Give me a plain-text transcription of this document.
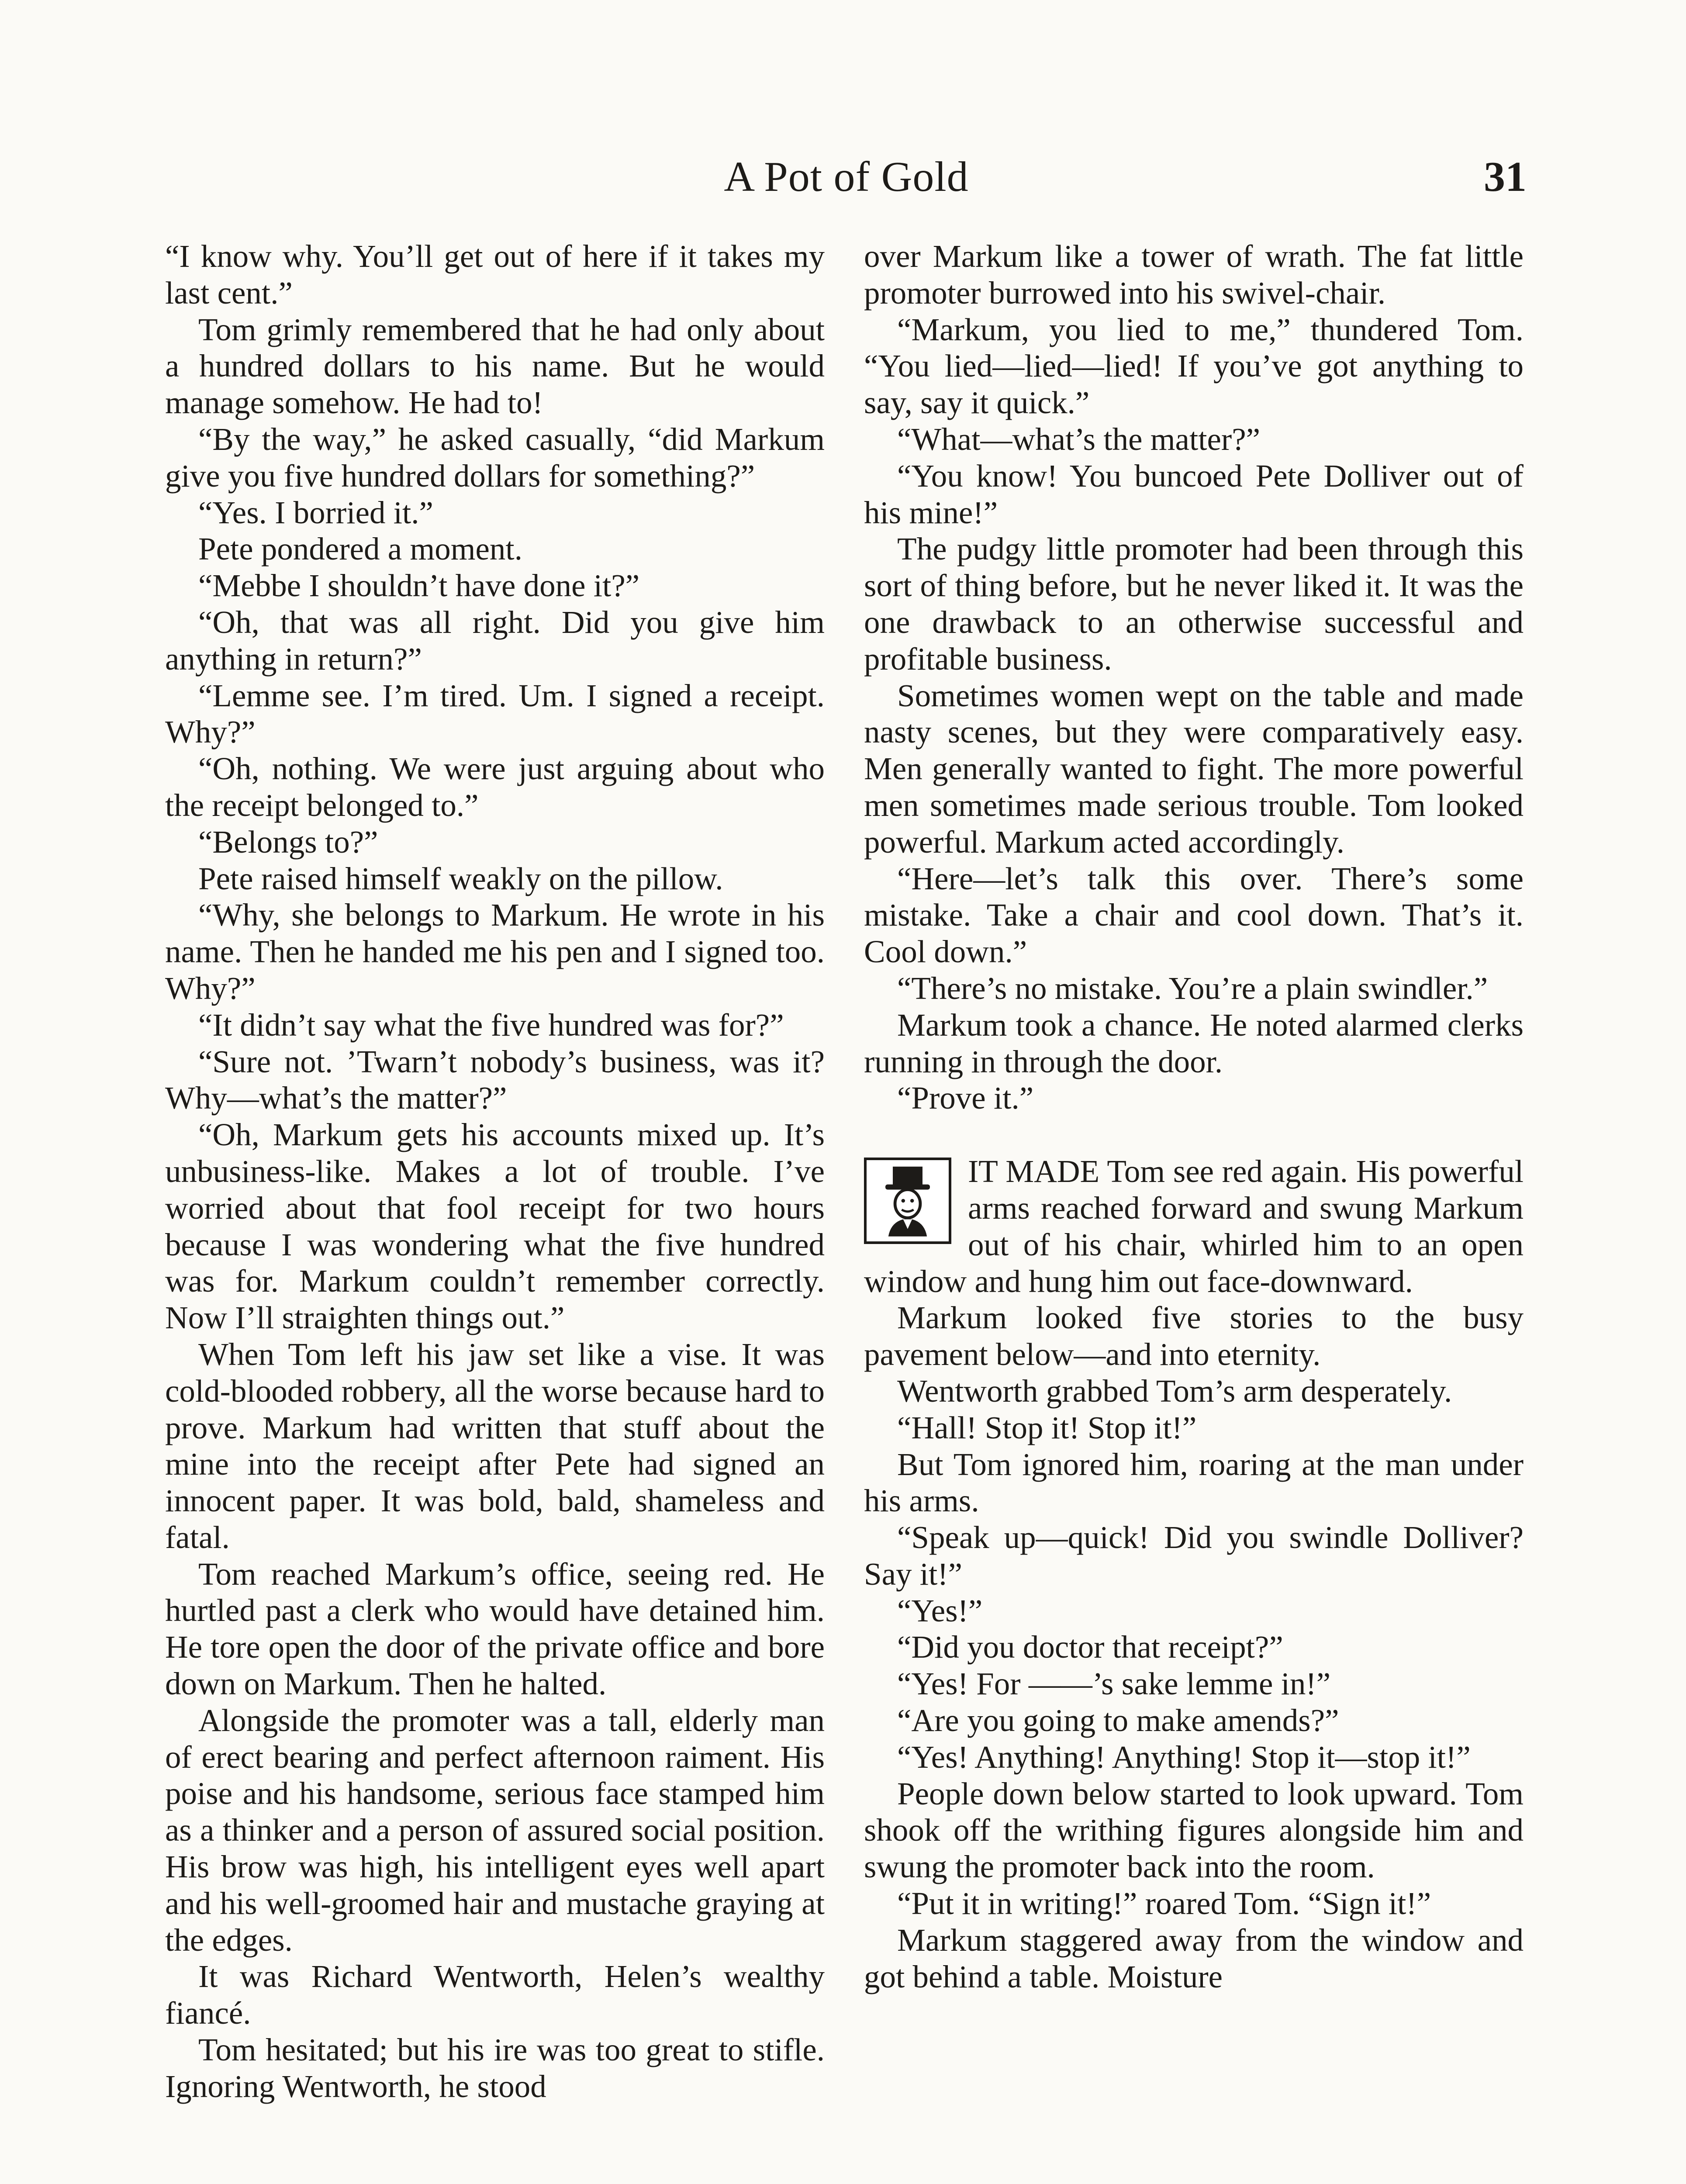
A Pot of Gold	31

“I know why. You’ll get out of here if it takes my last cent.”

Tom grimly remembered that he had only about a hundred dollars to his name. But he would manage somehow. He had to!

“By the way,” he asked casually, “did Markum give you five hundred dollars for something?”

“Yes. I borried it.”

Pete pondered a moment.

“Mebbe I shouldn’t have done it?”

“Oh, that was all right. Did you give him anything in return?”

“Lemme see. I’m tired. Um. I signed a receipt. Why?”

“Oh, nothing. We were just arguing about who the receipt belonged to.”

“Belongs to?”

Pete raised himself weakly on the pillow.

“Why, she belongs to Markum. He wrote in his name. Then he handed me his pen and I signed too. Why?”

“It didn’t say what the five hundred was for?”

“Sure not. ’Twarn’t nobody’s business, was it? Why—what’s the matter?”

“Oh, Markum gets his accounts mixed up. It’s unbusiness-like. Makes a lot of trouble. I’ve worried about that fool receipt for two hours because I was wondering what the five hundred was for. Markum couldn’t remember correctly. Now I’ll straighten things out.”

When Tom left his jaw set like a vise. It was cold-blooded robbery, all the worse because hard to prove. Markum had written that stuff about the mine into the receipt after Pete had signed an innocent paper. It was bold, bald, shameless and fatal.

Tom reached Markum’s office, seeing red. He hurtled past a clerk who would have detained him. He tore open the door of the private office and bore down on Markum. Then he halted.

Alongside the promoter was a tall, elderly man of erect bearing and perfect afternoon raiment. His poise and his handsome, serious face stamped him as a thinker and a person of assured social position. His brow was high, his intelligent eyes well apart and his well-groomed hair and mustache graying at the edges.

It was Richard Wentworth, Helen’s wealthy fiancé.

Tom hesitated; but his ire was too great to stifle. Ignoring Wentworth, he stood

over Markum like a tower of wrath. The fat little promoter burrowed into his swivel-chair.

“Markum, you lied to me,” thundered Tom. “You lied—lied—lied! If you’ve got anything to say, say it quick.”

“What—what’s the matter?”

“You know! You buncoed Pete Dolliver out of his mine!”

The pudgy little promoter had been through this sort of thing before, but he never liked it. It was the one drawback to an otherwise successful and profitable business.

Sometimes women wept on the table and made nasty scenes, but they were comparatively easy. Men generally wanted to fight. The more powerful men sometimes made serious trouble. Tom looked powerful. Markum acted accordingly.

“Here—let’s talk this over. There’s some mistake. Take a chair and cool down. That’s it. Cool down.”

“There’s no mistake. You’re a plain swindler.”

Markum took a chance. He noted alarmed clerks running in through the door.

“Prove it.”

IT MADE Tom see red again. His powerful arms reached forward and swung Markum out of his chair, whirled him to an open window and hung him out face-downward.

Markum looked five stories to the busy pavement below—and into eternity.

Wentworth grabbed Tom’s arm desperately.

“Hall! Stop it! Stop it!”

But Tom ignored him, roaring at the man under his arms.

“Speak up—quick! Did you swindle Dolliver? Say it!”

“Yes!”

“Did you doctor that receipt?”

“Yes! For ——’s sake lemme in!”

“Are you going to make amends?”

“Yes! Anything! Anything! Stop it—stop it!”

People down below started to look upward. Tom shook off the writhing figures alongside him and swung the promoter back into the room.

“Put it in writing!” roared Tom. “Sign it!”

Markum staggered away from the window and got behind a table. Moisture
